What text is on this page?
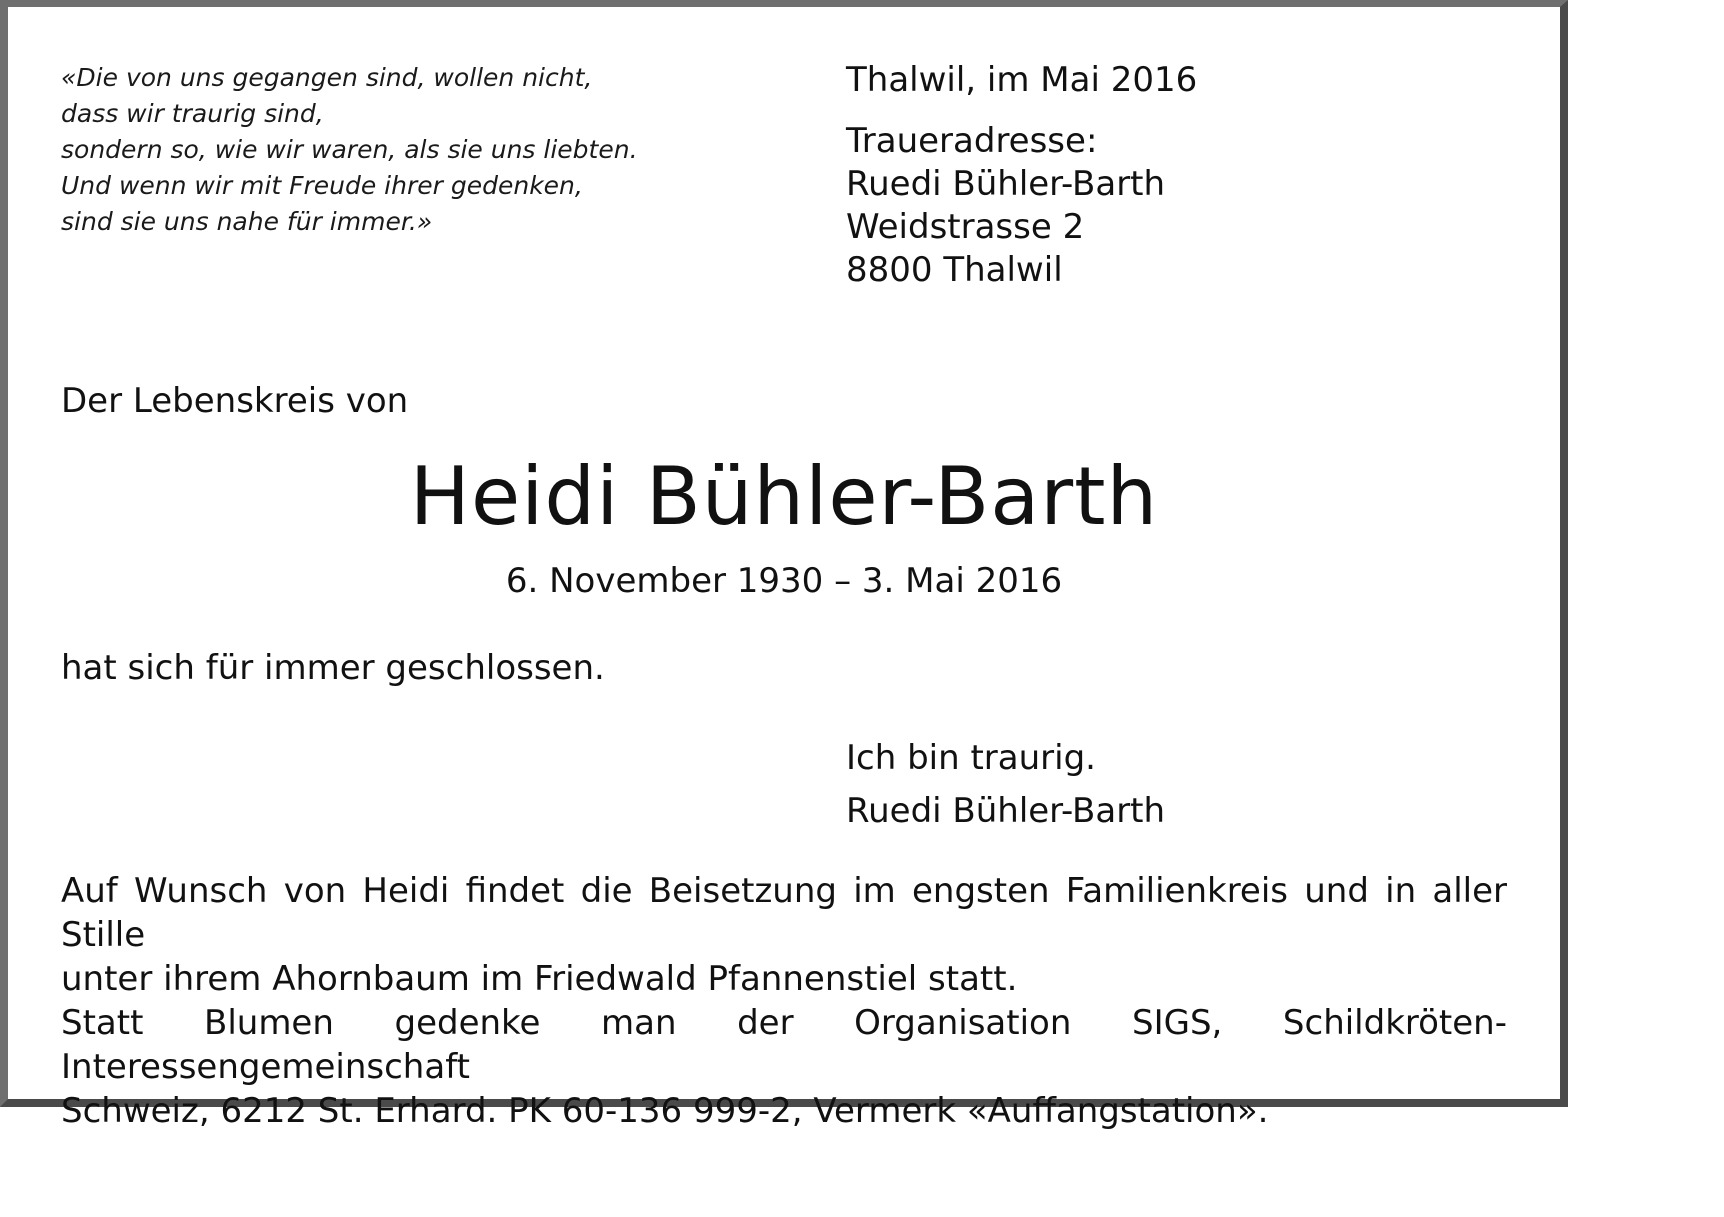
«Die von uns gegangen sind, wollen nicht,
dass wir traurig sind,
sondern so, wie wir waren, als sie uns liebten.
Und wenn wir mit Freude ihrer gedenken,
sind sie uns nahe für immer.»
Thalwil, im Mai 2016
Traueradresse:
Ruedi Bühler-Barth
Weidstrasse 2
8800 Thalwil
Der Lebenskreis von
Heidi Bühler-Barth
6. November 1930 – 3. Mai 2016
hat sich für immer geschlossen.
Ich bin traurig.
Ruedi Bühler-Barth
Auf Wunsch von Heidi findet die Beisetzung im engsten Familienkreis und in aller Stille
unter ihrem Ahornbaum im Friedwald Pfannenstiel statt.
Statt Blumen gedenke man der Organisation SIGS, Schildkröten-Interessengemeinschaft
Schweiz, 6212 St. Erhard. PK 60-136 999-2, Vermerk «Auffangstation».
